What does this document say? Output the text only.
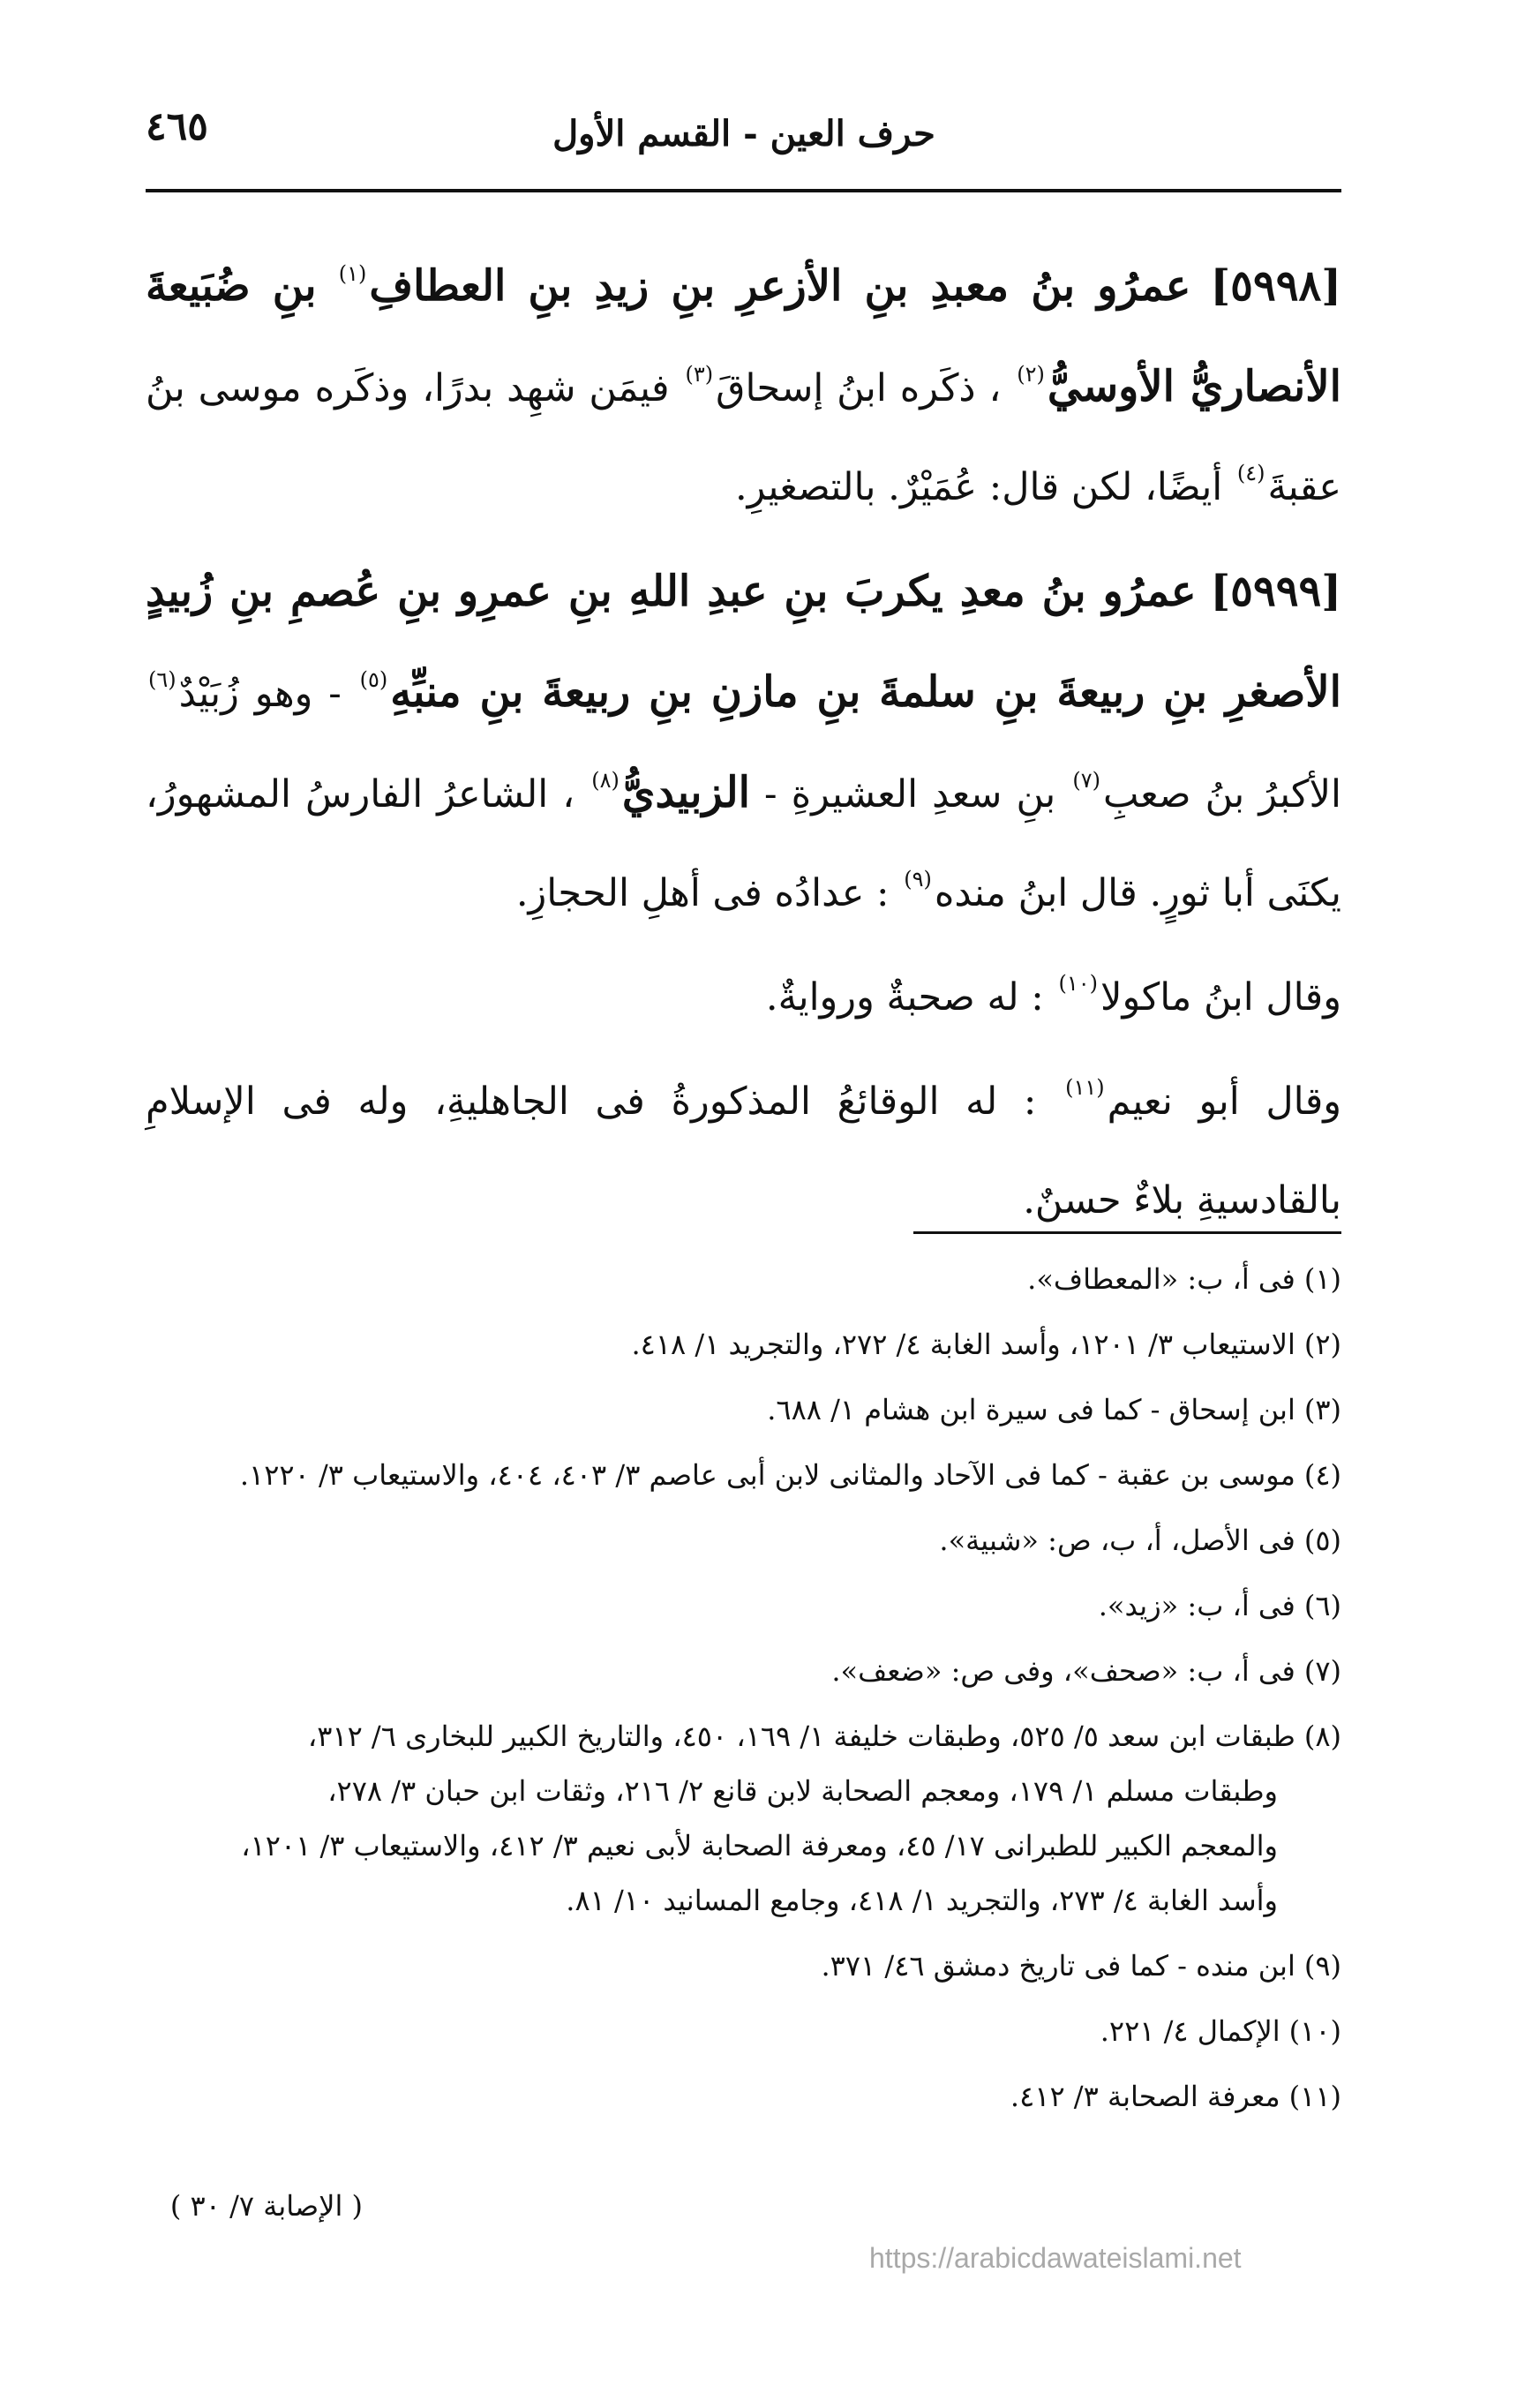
حرف العين - القسم الأول
٤٦٥

[٥٩٩٨] عمرُو بنُ معبدِ بنِ الأزعرِ بنِ زيدِ بنِ العطافِ$^{(١)}$ بنِ ضُبَيعةَ الأنصاريُّ الأوسيُّ$^{(٢)}$ ، ذكَره ابنُ إسحاقَ$^{(٣)}$ فيمَن شهِد بدرًا، وذكَره موسى بنُ عقبةَ$^{(٤)}$ أيضًا، لكن قال: عُمَيْرٌ. بالتصغيرِ.

[٥٩٩٩] عمرُو بنُ معدِ يكربَ بنِ عبدِ اللهِ بنِ عمرِو بنِ عُصمِ بنِ زُبيدٍ الأصغرِ بنِ ربيعةَ بنِ سلمةَ بنِ مازنِ بنِ ربيعةَ بنِ منبِّهِ$^{(٥)}$ - وهو زُبَيْدٌ$^{(٦)}$ الأكبرُ بنُ صعبِ$^{(٧)}$ بنِ سعدِ العشيرةِ - الزبيديُّ$^{(٨)}$ ، الشاعرُ الفارسُ المشهورُ، يكنَى أبا ثورٍ. قال ابنُ منده$^{(٩)}$ : عدادُه فى أهلِ الحجازِ.

وقال ابنُ ماكولا$^{(١٠)}$ : له صحبةٌ وروايةٌ.

وقال أبو نعيم$^{(١١)}$ : له الوقائعُ المذكورةُ فى الجاهليةِ، وله فى الإسلامِ بالقادسيةِ بلاءٌ حسنٌ.

(١)فى أ، ب: «المعطاف».

(٢)الاستيعاب ٣/ ١٢٠١، وأسد الغابة ٤/ ٢٧٢، والتجريد ١/ ٤١٨.

(٣)ابن إسحاق - كما فى سيرة ابن هشام ١/ ٦٨٨.

(٤)موسى بن عقبة - كما فى الآحاد والمثانى لابن أبى عاصم ٣/ ٤٠٣، ٤٠٤، والاستيعاب ٣/ ١٢٢٠.

(٥)فى الأصل، أ، ب، ص: «شبية».

(٦)فى أ، ب: «زيد».

(٧)فى أ، ب: «صحف»، وفى ص: «ضعف».

(٨)طبقات ابن سعد ٥/ ٥٢٥، وطبقات خليفة ١/ ١٦٩، ٤٥٠، والتاريخ الكبير للبخارى ٦/ ٣١٢،
وطبقات مسلم ١/ ١٧٩، ومعجم الصحابة لابن قانع ٢/ ٢١٦، وثقات ابن حبان ٣/ ٢٧٨،
والمعجم الكبير للطبرانى ١٧/ ٤٥، ومعرفة الصحابة لأبى نعيم ٣/ ٤١٢، والاستيعاب ٣/ ١٢٠١،
وأسد الغابة ٤/ ٢٧٣، والتجريد ١/ ٤١٨، وجامع المسانيد ١٠/ ٨١.

(٩)ابن منده - كما فى تاريخ دمشق ٤٦/ ٣٧١.

(١٠)الإكمال ٤/ ٢٢١.

(١١)معرفة الصحابة ٣/ ٤١٢.

( الإصابة ٧/ ٣٠ )
https://arabicdawateislami.net
